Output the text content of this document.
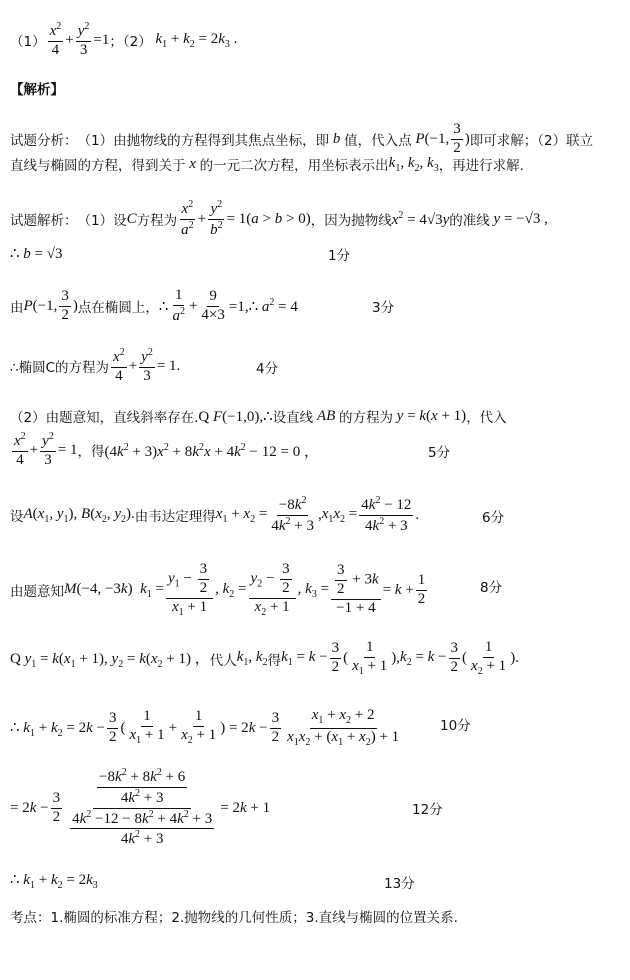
$(1) \frac{x^2}{4} + \frac{y^2}{3} =1$ ；（2） $k_1 + k_2 = 2k_3$ .
【解析】
试题分析： （1）由抛物线的方程得到其焦点坐标，即 b 值，代入点 P(−1, $\frac{3}{2}$ ) 即可求解；（2）联立
直线与椭圆的方程，得到关于 x 的一元二次方程，用坐标表示出 $k_1$, $k_2$, $k_3$ ，再进行求解.
试题解析： （1）设 C 方程为 $\frac{x^2}{a^2} + \frac{y^2}{b^2} = 1(a > b > 0)$ ，因为抛物线 $x^2 = 4√3y$ 的准线 y = −√3 ,
∴ b = √3	1分
由 P(−1, $\frac{3}{2}$ ) 点在椭圆上， ∴ $\frac{1}{a^2} + \frac{9}{4\times 3}$ =1,∴ $a^2 = 4$	3分
∴椭圆C的方程为 $\frac{x^2}{4} + \frac{y^2}{3} = 1$.	4分
（2）由题意知，直线斜率存在. Q F(−1,0),∴ 设直线 AB 的方程为 y = k(x + 1) ，代入
$\frac{x^2}{4} + \frac{y^2}{3} = 1$ ，得 $(4k^2 + 3)x^2 + 8k^2x + 4k^2 - 12 = 0$ ，	5分
设 $A(x_1$, $y_1$), $B(x_2$, $y_2$). 由韦达定理得 $x_1 + x_2 = \frac{-8k^2}{4k^2 + 3}$ , $x_1x_2 = \frac{4k^2 - 12}{4k^2 + 3}$ .	6分
由题意知 M(−4, −3k)  $k_1 = \frac{y_1 - \frac{3}{2}}{x_1 + 1}$ , $k_2 = \frac{y_2 - \frac{3}{2}}{x_2 + 1}$ , $k_3 = \frac{\frac{3}{2} + 3k}{-1 + 4} = k + \frac{1}{2}$	8分
Q $y_1 = k(x_1 + 1)$, $y_2 = k(x_2 + 1)$ ， 代人 $k_1$, $k_2$ 得 $k_1 = k - \frac{3}{2}$ ( $\frac{1}{x_1 + 1}$ ), $k_2 = k - \frac{3}{2}$ ( $\frac{1}{x_2 + 1}$ ).
∴ $k_1 + k_2 = 2k - \frac{3}{2}$ ( $\frac{1}{x_1 + 1} + \frac{1}{x_2 + 1}$ ) = $2k - \frac{3}{2} \frac{x_1 + x_2 + 2}{x_1x_2 + (x_1 + x_2) + 1}$	10分
= $2k - \frac{3}{2} \frac{\frac{-8k^2 + 8k^2 + 6}{4k^2 + 3}}{\frac{4k^2 -12 - 8k^2 + 4k^2 + 3}{4k^2 + 3}} = 2k + 1$	12分
∴ $k_1 + k_2 = 2k_3$	13分
考点：1.椭圆的标准方程；2.抛物线的几何性质；3.直线与椭圆的位置关系.
